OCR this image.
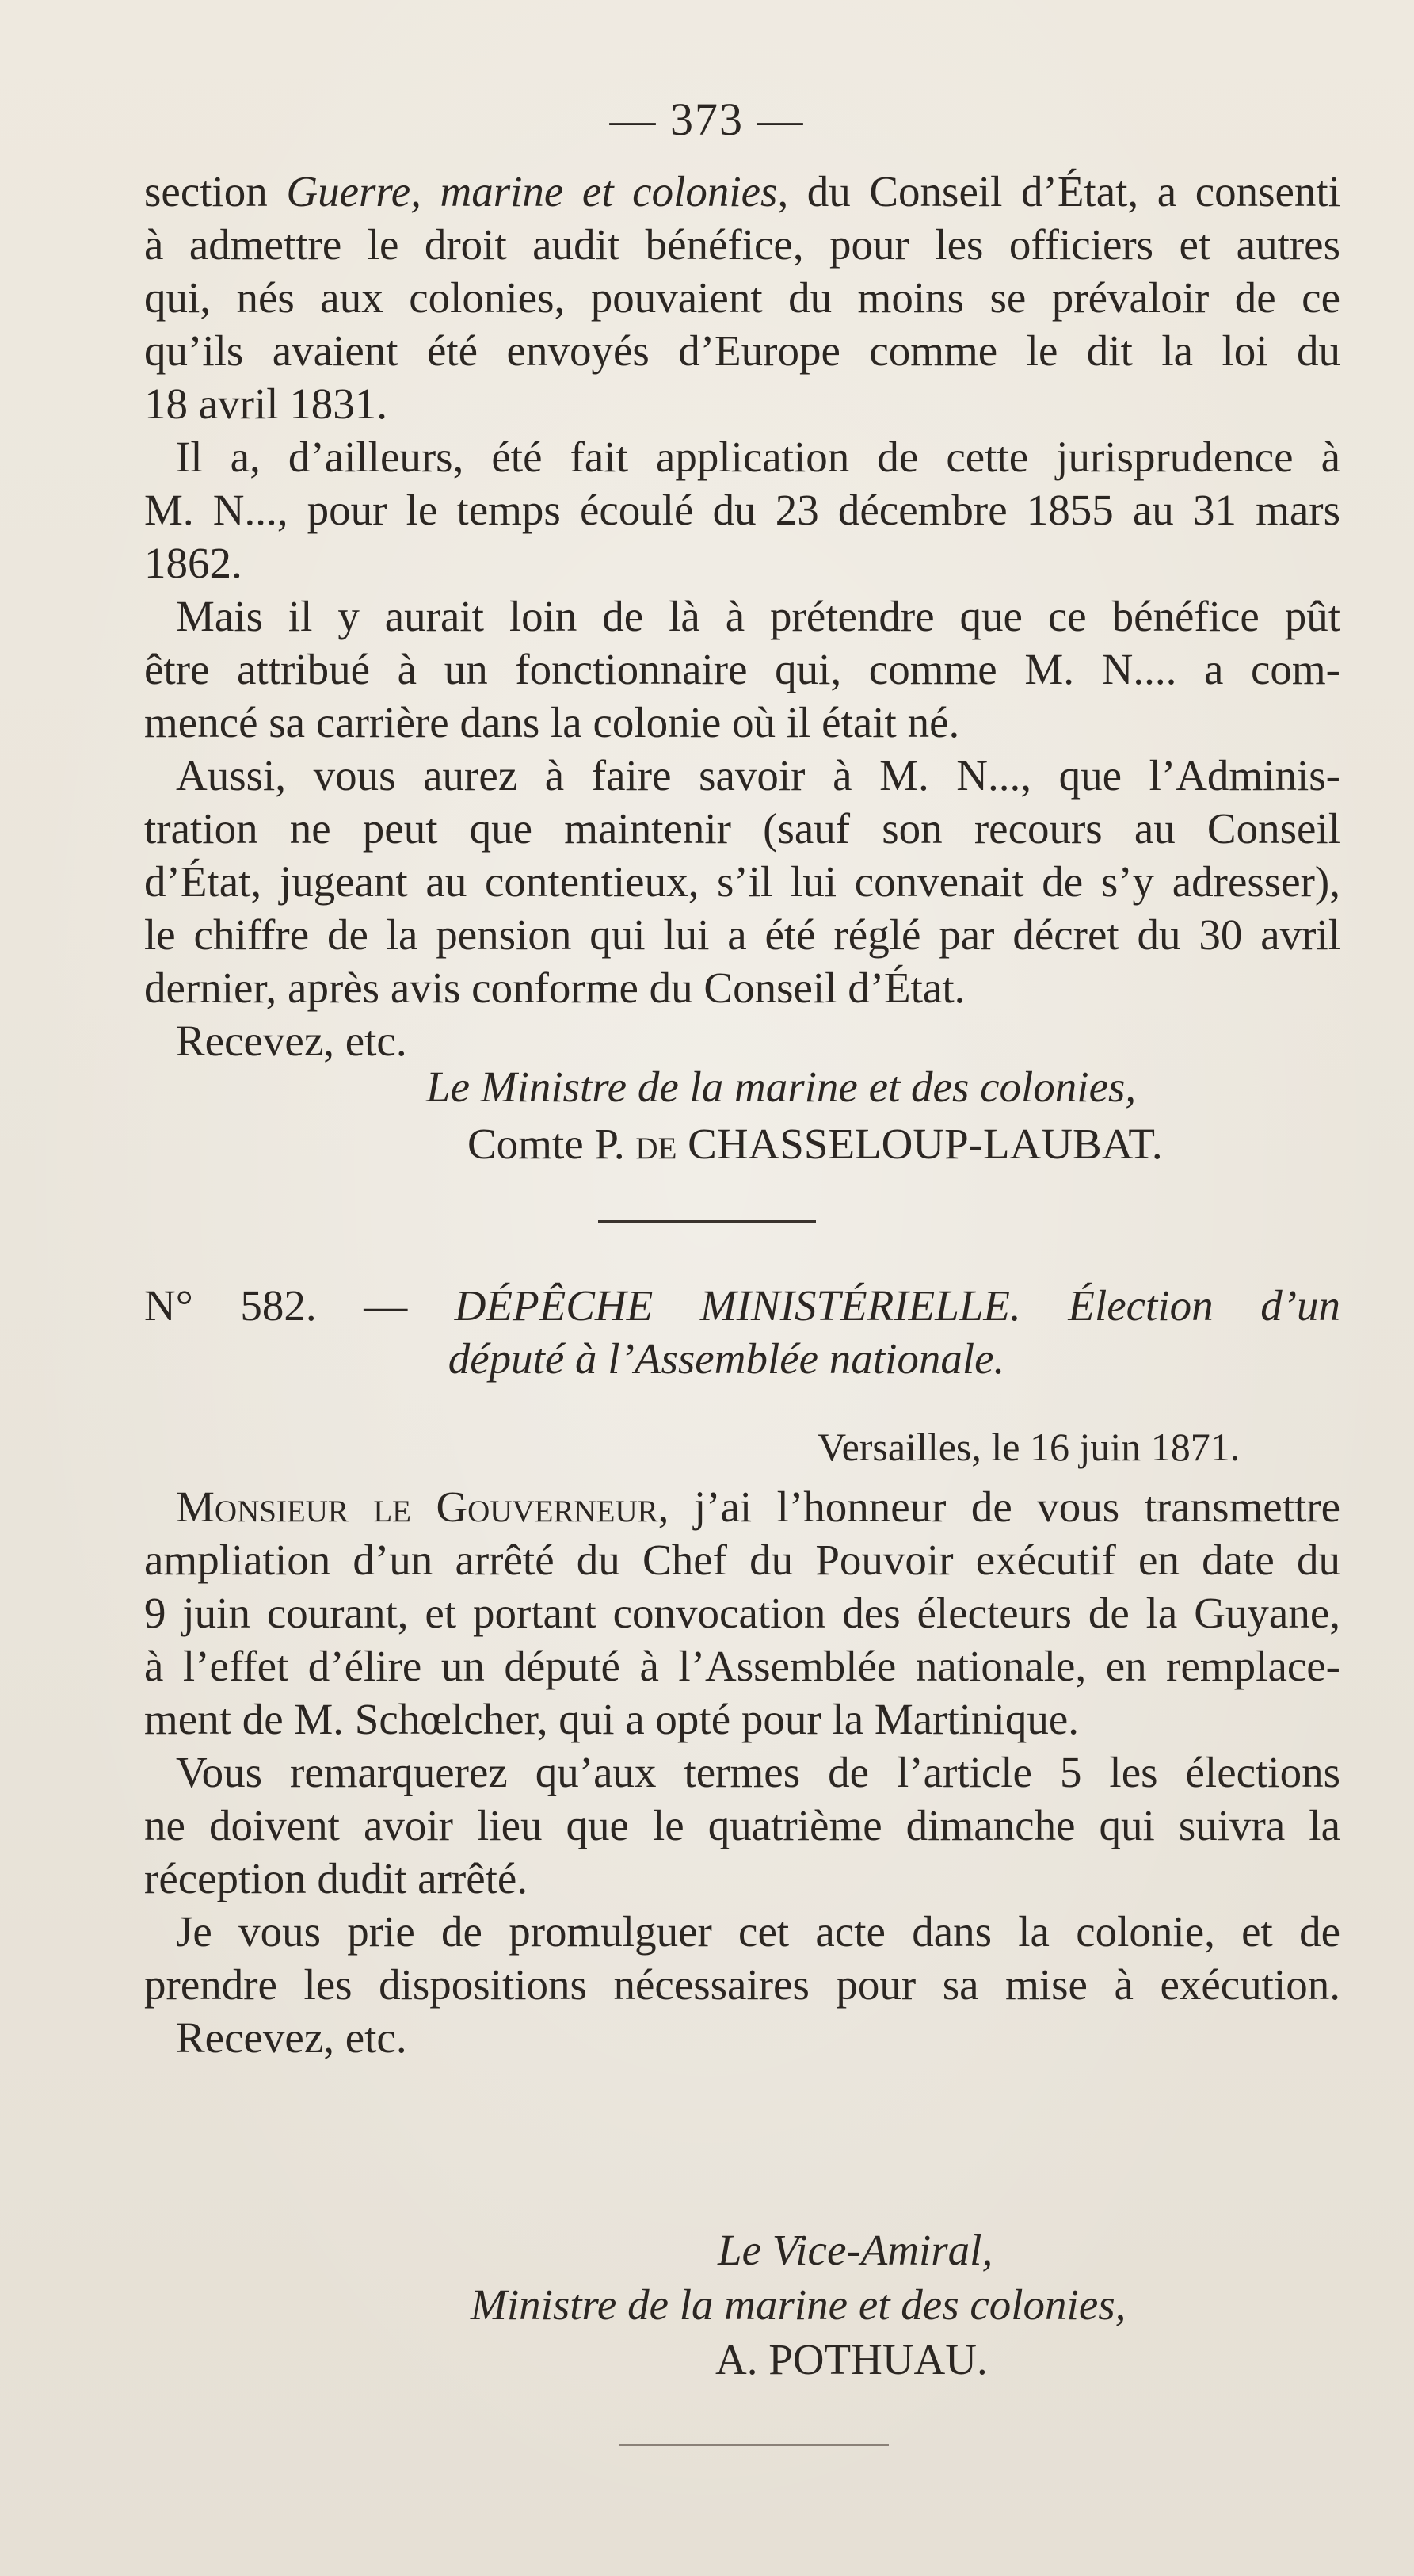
— 373 —
section Guerre, marine et colonies, du Conseil d’État, a consenti
à admettre le droit audit bénéfice, pour les officiers et autres
qui, nés aux colonies, pouvaient du moins se prévaloir de ce
qu’ils avaient été envoyés d’Europe comme le dit la loi du
18 avril 1831.
Il a, d’ailleurs, été fait application de cette jurisprudence à
M. N..., pour le temps écoulé du 23 décembre 1855 au 31 mars
1862.
Mais il y aurait loin de là à prétendre que ce bénéfice pût
être attribué à un fonctionnaire qui, comme M. N.... a com-
mencé sa carrière dans la colonie où il était né.
Aussi, vous aurez à faire savoir à M. N..., que l’Adminis-
tration ne peut que maintenir (sauf son recours au Conseil
d’État, jugeant au contentieux, s’il lui convenait de s’y adresser),
le chiffre de la pension qui lui a été réglé par décret du 30 avril
dernier, après avis conforme du Conseil d’État.
Recevez, etc.
Le Ministre de la marine et des colonies,
Comte P. de CHASSELOUP-LAUBAT.
N° 582. — DÉPÊCHE MINISTÉRIELLE. Élection d’un
député à l’Assemblée nationale.
Versailles, le 16 juin 1871.
Monsieur le Gouverneur, j’ai l’honneur de vous transmettre
ampliation d’un arrêté du Chef du Pouvoir exécutif en date du
9 juin courant, et portant convocation des électeurs de la Guyane,
à l’effet d’élire un député à l’Assemblée nationale, en remplace-
ment de M. Schœlcher, qui a opté pour la Martinique.
Vous remarquerez qu’aux termes de l’article 5 les élections
ne doivent avoir lieu que le quatrième dimanche qui suivra la
réception dudit arrêté.
Je vous prie de promulguer cet acte dans la colonie, et de
prendre les dispositions nécessaires pour sa mise à exécution.
Recevez, etc.
Le Vice-Amiral,
Ministre de la marine et des colonies,
A. POTHUAU.
